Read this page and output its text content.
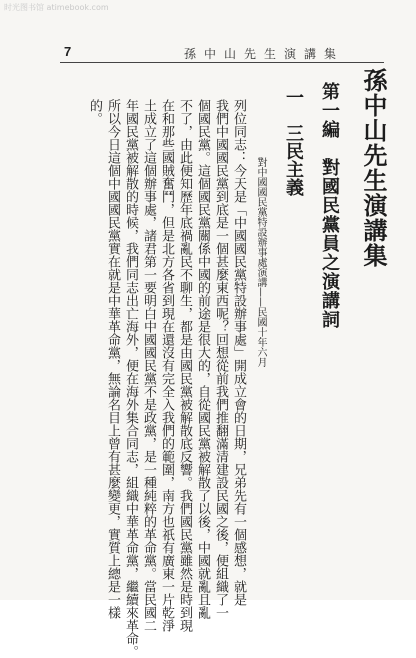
时光图书馆 atimebook.com
7	孫中山先生演講集
孫中山先生演講集
第一編　對國民黨員之演講詞
一　三民主義
對中國國民黨特設辦事處演講——民國十年六月
列位同志：今天是「中國國民黨特設辦事處」開成立會的日期，兄弟先有一個感想，就是
我們中國國民黨到底是一個甚麼東西呢？回想從前我們推翻滿清建設民國之後，便組織了一
個國民黨。這個國民黨關係中國的前途是很大的，自從國民黨被解散了以後，中國就亂且亂
不了，由此便知歷年底禍亂民不聊生，都是由國民黨被解散底反響。我們國民黨雖然是時到現
在和那些國賊奮鬥，但是北方各省到現在還沒有完全入我們的範圍，南方也祇有廣東一片乾淨
土成立了這個辦事處，諸君第一要明白中國國民黨不是政黨，是一種純粹的革命黨。當民國二
年國民黨被解散的時候，我們同志出亡海外，便在海外集合同志，組織中華革命黨，繼續來革命。
所以今日這個中國國民黨實在就是中華革命黨，無論名目上曾有甚麼變更，實質上總是一樣
的。
